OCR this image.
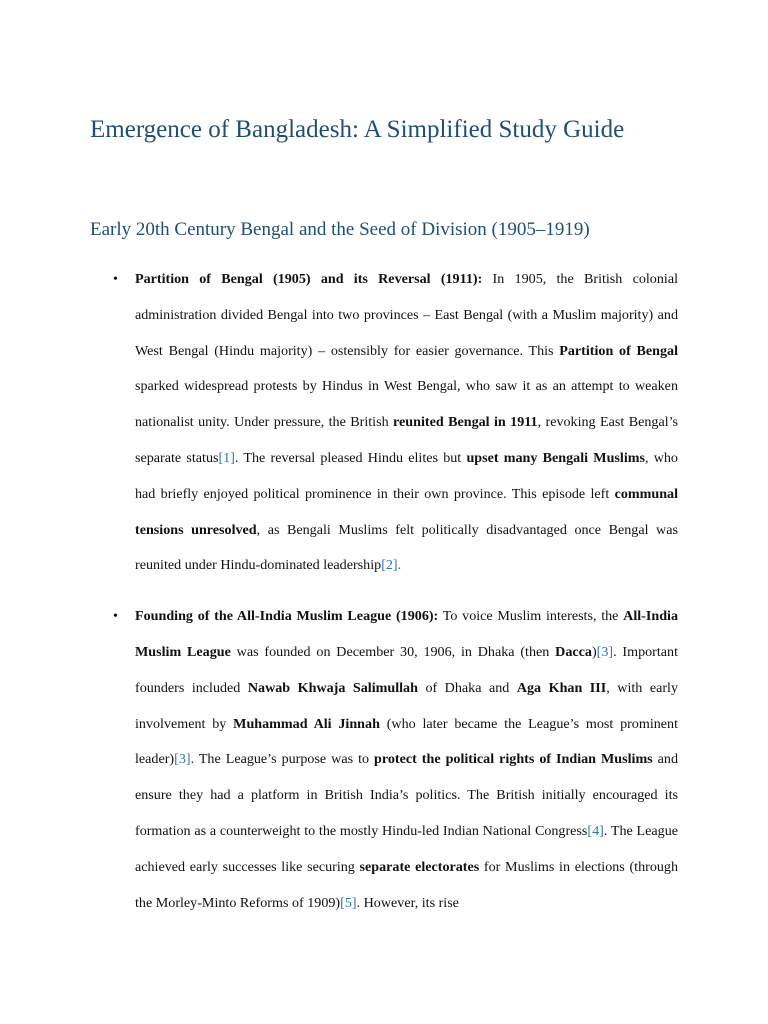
Emergence of Bangladesh: A Simplified Study Guide
Early 20th Century Bengal and the Seed of Division (1905–1919)
• Partition of Bengal (1905) and its Reversal (1911): In 1905, the British colonial administration divided Bengal into two provinces – East Bengal (with a Muslim majority) and West Bengal (Hindu majority) – ostensibly for easier governance. This Partition of Bengal sparked widespread protests by Hindus in West Bengal, who saw it as an attempt to weaken nationalist unity. Under pressure, the British reunited Bengal in 1911, revoking East Bengal’s separate status[1]. The reversal pleased Hindu elites but upset many Bengali Muslims, who had briefly enjoyed political prominence in their own province. This episode left communal tensions unresolved, as Bengali Muslims felt politically disadvantaged once Bengal was reunited under Hindu-dominated leadership[2].
• Founding of the All-India Muslim League (1906): To voice Muslim interests, the All-India Muslim League was founded on December 30, 1906, in Dhaka (then Dacca)[3]. Important founders included Nawab Khwaja Salimullah of Dhaka and Aga Khan III, with early involvement by Muhammad Ali Jinnah (who later became the League’s most prominent leader)[3]. The League’s purpose was to protect the political rights of Indian Muslims and ensure they had a platform in British India’s politics. The British initially encouraged its formation as a counterweight to the mostly Hindu-led Indian National Congress[4]. The League achieved early successes like securing separate electorates for Muslims in elections (through the Morley-Minto Reforms of 1909)[5]. However, its rise
